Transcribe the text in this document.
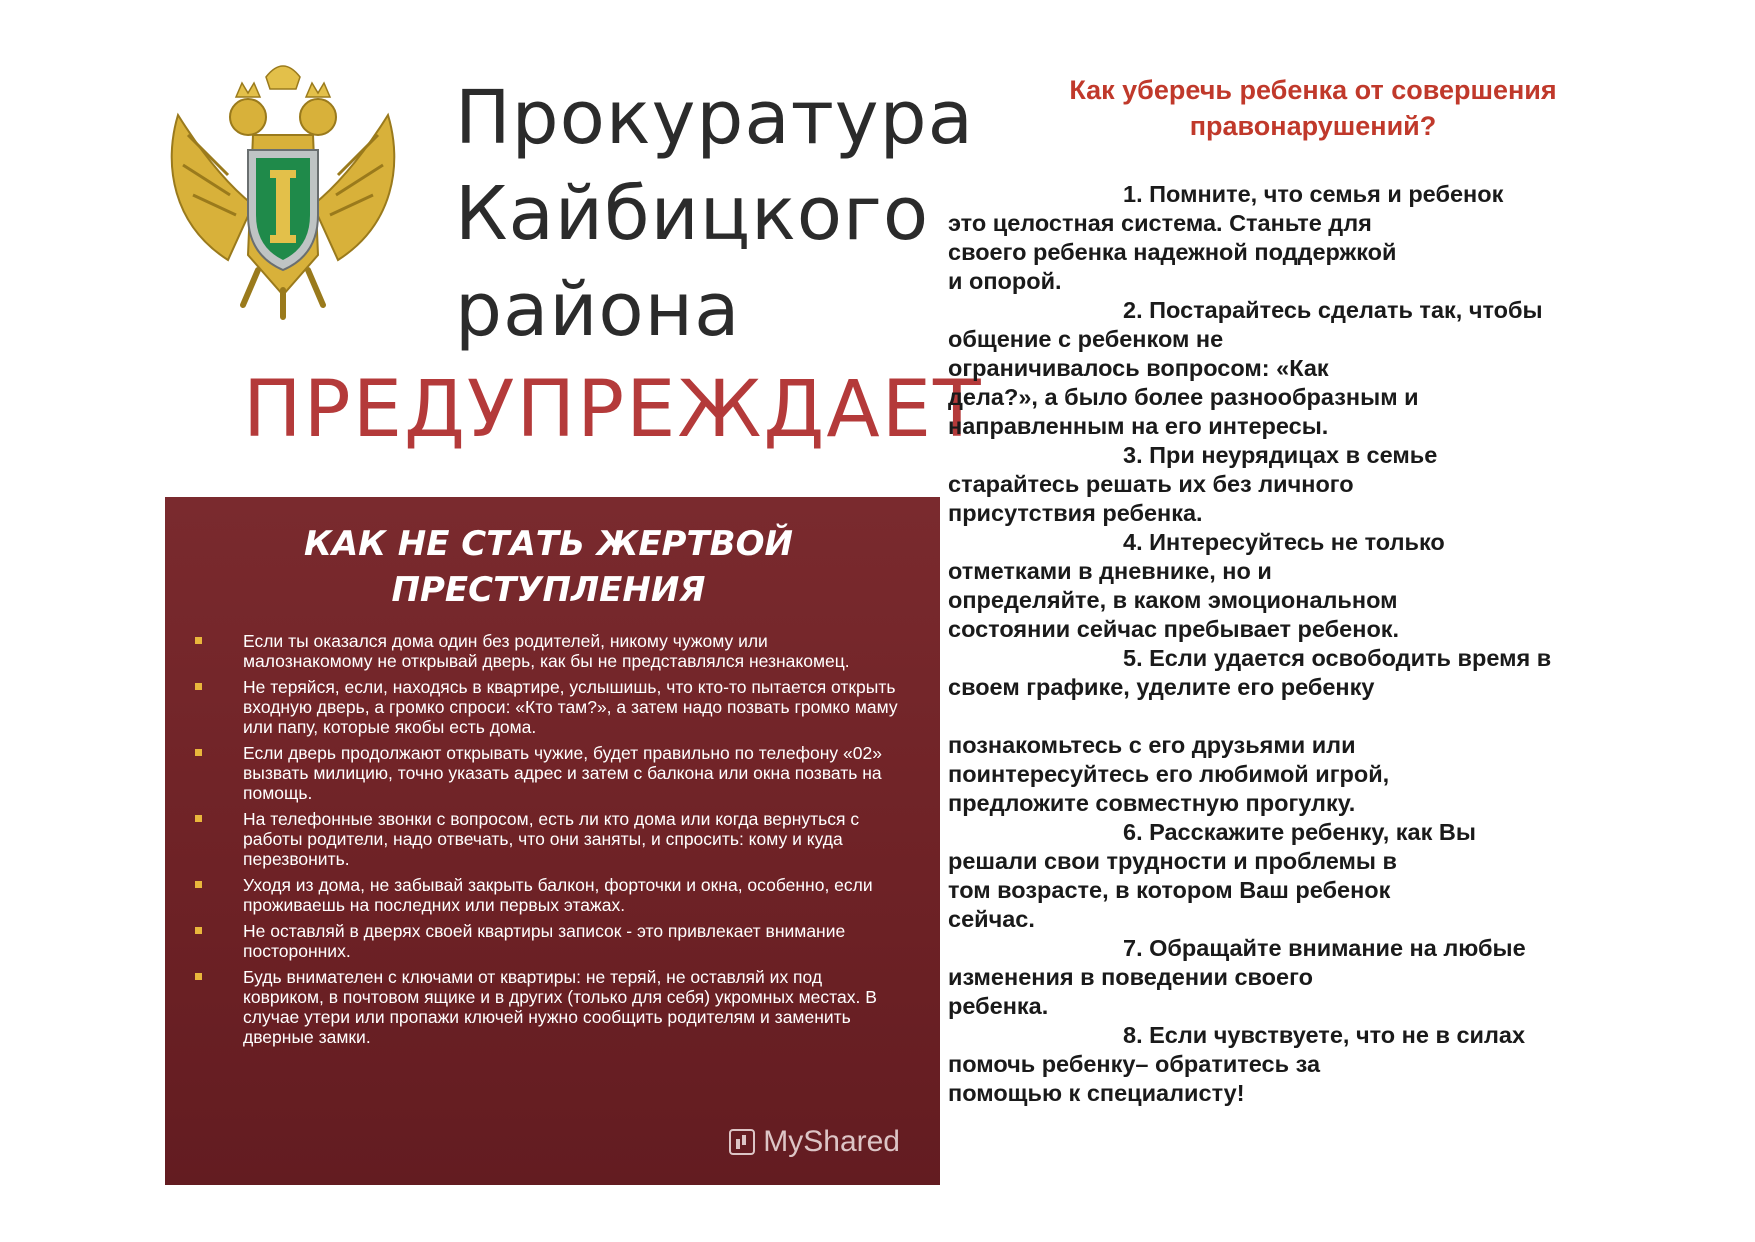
Прокуратура
Кайбицкого
района
ПРЕДУПРЕЖДАЕТ
КАК НЕ СТАТЬ ЖЕРТВОЙ
ПРЕСТУПЛЕНИЯ
Если ты оказался дома один без родителей, никому чужому или малознакомому не открывай дверь, как бы не представлялся незнакомец.
Не теряйся, если, находясь в квартире, услышишь, что кто-то пытается открыть входную дверь, а громко спроси: «Кто там?», а затем надо позвать громко маму или папу, которые якобы есть дома.
Если дверь продолжают открывать чужие, будет правильно по телефону «02» вызвать милицию, точно указать адрес и затем с балкона или окна позвать на помощь.
На телефонные звонки с вопросом, есть ли кто дома или когда вернуться с работы родители, надо отвечать, что они заняты, и спросить: кому и куда перезвонить.
Уходя из дома, не забывай закрыть балкон, форточки и окна, особенно, если проживаешь на последних или первых этажах.
Не оставляй в дверях своей квартиры записок - это привлекает внимание посторонних.
Будь внимателен с ключами от квартиры: не теряй, не оставляй их под ковриком, в почтовом ящике и в других (только для себя) укромных местах. В случае утери или пропажи ключей нужно сообщить родителям и заменить дверные замки.
MyShared
Как уберечь ребенка от совершения
правонарушений?
1. Помните, что семья и ребенок
это целостная система. Станьте для
своего ребенка надежной поддержкой
и опорой.
2. Постарайтесь сделать так, чтобы
общение с ребенком не
ограничивалось вопросом: «Как
дела?», а было более разнообразным и
направленным на его интересы.
3. При неурядицах в семье
старайтесь решать их без личного
присутствия ребенка.
4. Интересуйтесь не только
отметками в дневнике, но и
определяйте, в каком эмоциональном
состоянии сейчас пребывает ребенок.
5. Если удается освободить время в
своем графике, уделите его ребенку
познакомьтесь с его друзьями или
поинтересуйтесь его любимой игрой,
предложите совместную прогулку.
6. Расскажите ребенку, как Вы
решали свои трудности и проблемы в
том возрасте, в котором Ваш ребенок
сейчас.
7. Обращайте внимание на любые
изменения в поведении своего
ребенка.
8. Если чувствуете, что не в силах
помочь ребенку– обратитесь за
помощью к специалисту!
